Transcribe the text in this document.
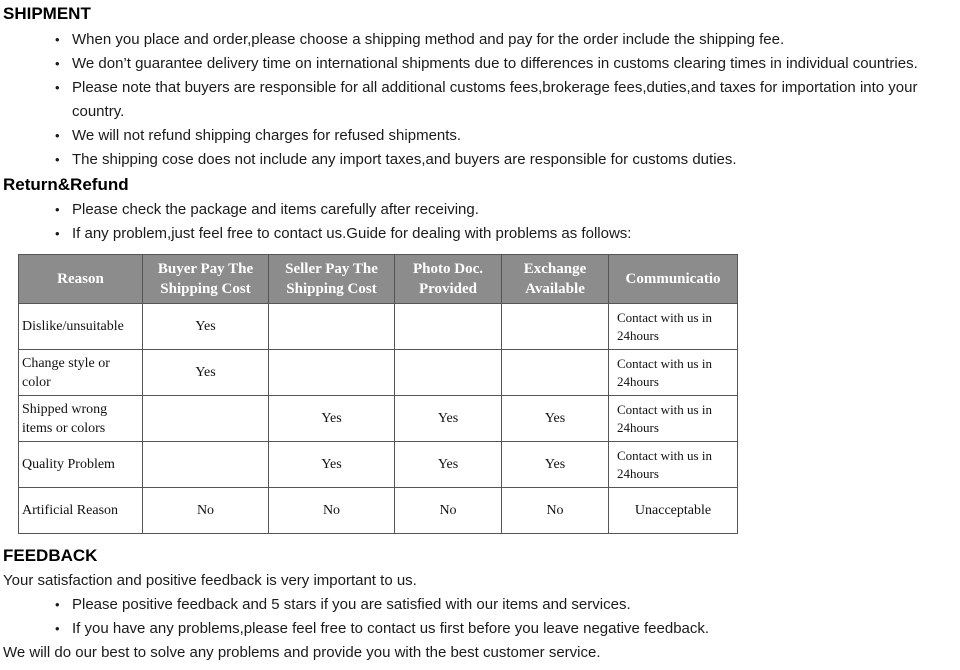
SHIPMENT
• When you place and order,please choose a shipping method and pay for the order include the shipping fee.
• We don’t guarantee delivery time on international shipments due to differences in customs clearing times in individual countries.
• Please note that buyers are responsible for all additional customs fees,brokerage fees,duties,and taxes for importation into your country.
• We will not refund shipping charges for refused shipments.
• The shipping cose does not include any import taxes,and buyers are responsible for customs duties.
Return&Refund
• Please check the package and items carefully after receiving.
• If any problem,just feel free to contact us.Guide for dealing with problems as follows:
Reason	Buyer Pay The Shipping Cost	Seller Pay The Shipping Cost	Photo Doc. Provided	Exchange Available	Communicatio
Dislike/unsuitable	Yes				Contact with us in 24hours
Change style or color	Yes				Contact with us in 24hours
Shipped wrong items or colors		Yes	Yes	Yes	Contact with us in 24hours
Quality Problem		Yes	Yes	Yes	Contact with us in 24hours
Artificial Reason	No	No	No	No	Unacceptable
FEEDBACK
Your satisfaction and positive feedback is very important to us.
• Please positive feedback and 5 stars if you are satisfied with our items and services.
• If you have any problems,please feel free to contact us first before you leave negative feedback.
We will do our best to solve any problems and provide you with the best customer service.
